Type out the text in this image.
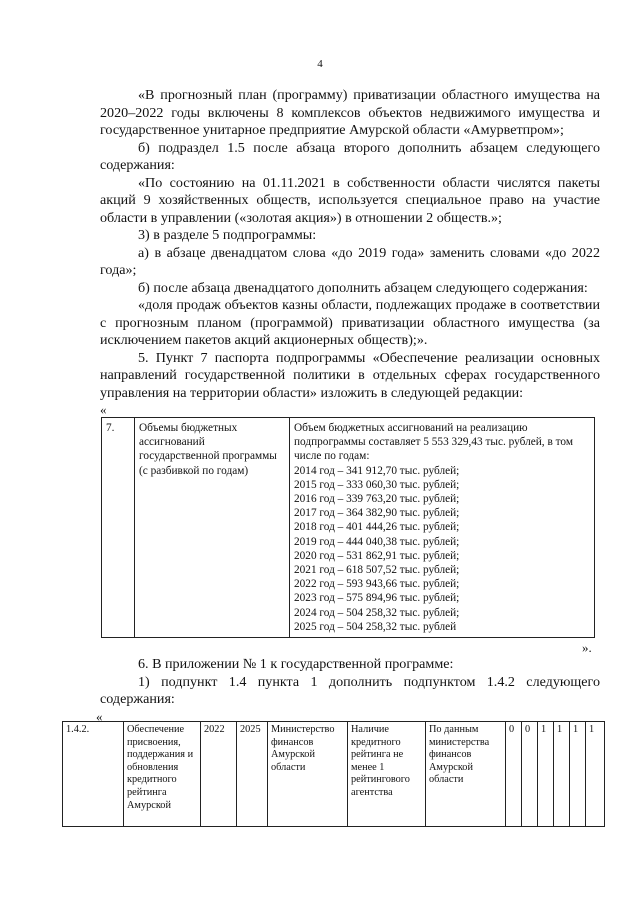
4

«В прогнозный план (программу) приватизации областного имущества на 2020–2022 годы включены 8 комплексов объектов недвижимого имущества и государственное унитарное предприятие Амурской области «Амурветпром»;

б) подраздел 1.5 после абзаца второго дополнить абзацем следующего содержания:

«По состоянию на 01.11.2021 в собственности области числятся пакеты акций 9 хозяйственных обществ, используется специальное право на участие области в управлении («золотая акция») в отношении 2 обществ.»;

3) в разделе 5 подпрограммы:

а) в абзаце двенадцатом слова «до 2019 года» заменить словами «до 2022 года»;

б) после абзаца двенадцатого дополнить абзацем следующего содержания:

«доля продаж объектов казны области, подлежащих продаже в соответствии с прогнозным планом (программой) приватизации областного имущества (за исключением пакетов акций акционерных обществ);».

5. Пункт 7 паспорта подпрограммы «Обеспечение реализации основных направлений государственной политики в отдельных сферах государственного управления на территории области» изложить в следующей редакции:

«
7.	Объемы бюджетных ассигнований государственной программы (с разбивкой по годам)	
Объем бюджетных ассигнований на реализацию подпрограммы составляет 5 553 329,43 тыс. рублей, в том числе по годам:
2014 год – 341 912,70 тыс. рублей;
2015 год – 333 060,30 тыс. рублей;
2016 год – 339 763,20 тыс. рублей;
2017 год – 364 382,90 тыс. рублей;
2018 год – 401 444,26 тыс. рублей;
2019 год – 444 040,38 тыс. рублей;
2020 год – 531 862,91 тыс. рублей;
2021 год – 618 507,52 тыс. рублей;
2022 год – 593 943,66 тыс. рублей;
2023 год – 575 894,96 тыс. рублей;
2024 год – 504 258,32 тыс. рублей;
2025 год – 504 258,32 тыс. рублей
».

6. В приложении № 1 к государственной программе:

1) подпункт 1.4 пункта 1 дополнить подпунктом 1.4.2 следующего содержания:

«
1.4.2.	Обеспечение присвоения, поддержания и обновления кредитного рейтинга Амурской	2022	2025	Министерство финансов Амурской области	Наличие кредитного рейтинга не менее 1 рейтингового агентства	По данным министерства финансов Амурской области	0	0	1	1	1	1
